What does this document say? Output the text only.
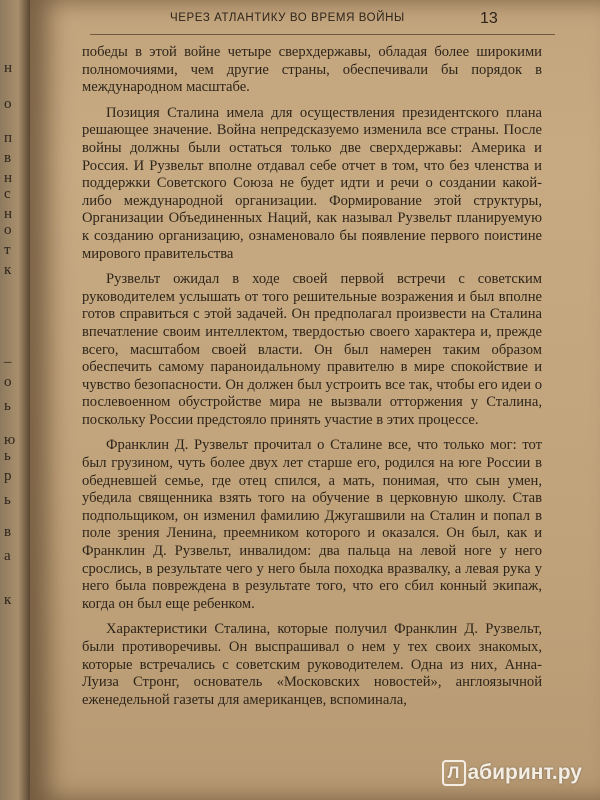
н
о
п
в
н
с
н
о
т
к
–
о
ь
ю
ь
р
ь
в
а
к
ЧЕРЕЗ АТЛАНТИКУ ВО ВРЕМЯ ВОЙНЫ	13

победы в этой войне четыре сверхдержавы, обладая более широкими полномочиями, чем другие страны, обеспечивали бы порядок в международном масштабе.

Позиция Сталина имела для осуществления президентского плана решающее значение. Война непредсказуемо изменила все страны. После войны должны были остаться только две сверхдержавы: Америка и Россия. И Рузвельт вполне отдавал себе отчет в том, что без членства и поддержки Советского Союза не будет идти и речи о создании какой-либо международной организации. Формирование этой структуры, Организации Объединенных Наций, как называл Рузвельт планируемую к созданию организацию, ознаменовало бы появление первого поистине мирового правительства

Рузвельт ожидал в ходе своей первой встречи с советским руководителем услышать от того решительные возражения и был вполне готов справиться с этой задачей. Он предполагал произвести на Сталина впечатление своим интеллектом, твердостью своего характера и, прежде всего, масштабом своей власти. Он был намерен таким образом обеспечить самому параноидальному правителю в мире спокойствие и чувство безопасности. Он должен был устроить все так, чтобы его идеи о послевоенном обустройстве мира не вызвали отторжения у Сталина, поскольку России предстояло принять участие в этих процессе.

Франклин Д. Рузвельт прочитал о Сталине все, что только мог: тот был грузином, чуть более двух лет старше его, родился на юге России в обедневшей семье, где отец спился, а мать, понимая, что сын умен, убедила священника взять того на обучение в церковную школу. Став подпольщиком, он изменил фамилию Джугашвили на Сталин и попал в поле зрения Ленина, преемником которого и оказался. Он был, как и Франклин Д. Рузвельт, инвалидом: два пальца на левой ноге у него срослись, в результате чего у него была походка вразвалку, а левая рука у него была повреждена в результате того, что его сбил конный экипаж, когда он был еще ребенком.

Характеристики Сталина, которые получил Франклин Д. Рузвельт, были противоречивы. Он выспрашивал о нем у тех своих знакомых, которые встречались с советским руководителем. Одна из них, Анна-Луиза Стронг, основатель «Московских новостей», англоязычной еженедельной газеты для американцев, вспоминала,

Л абиринт.ру
